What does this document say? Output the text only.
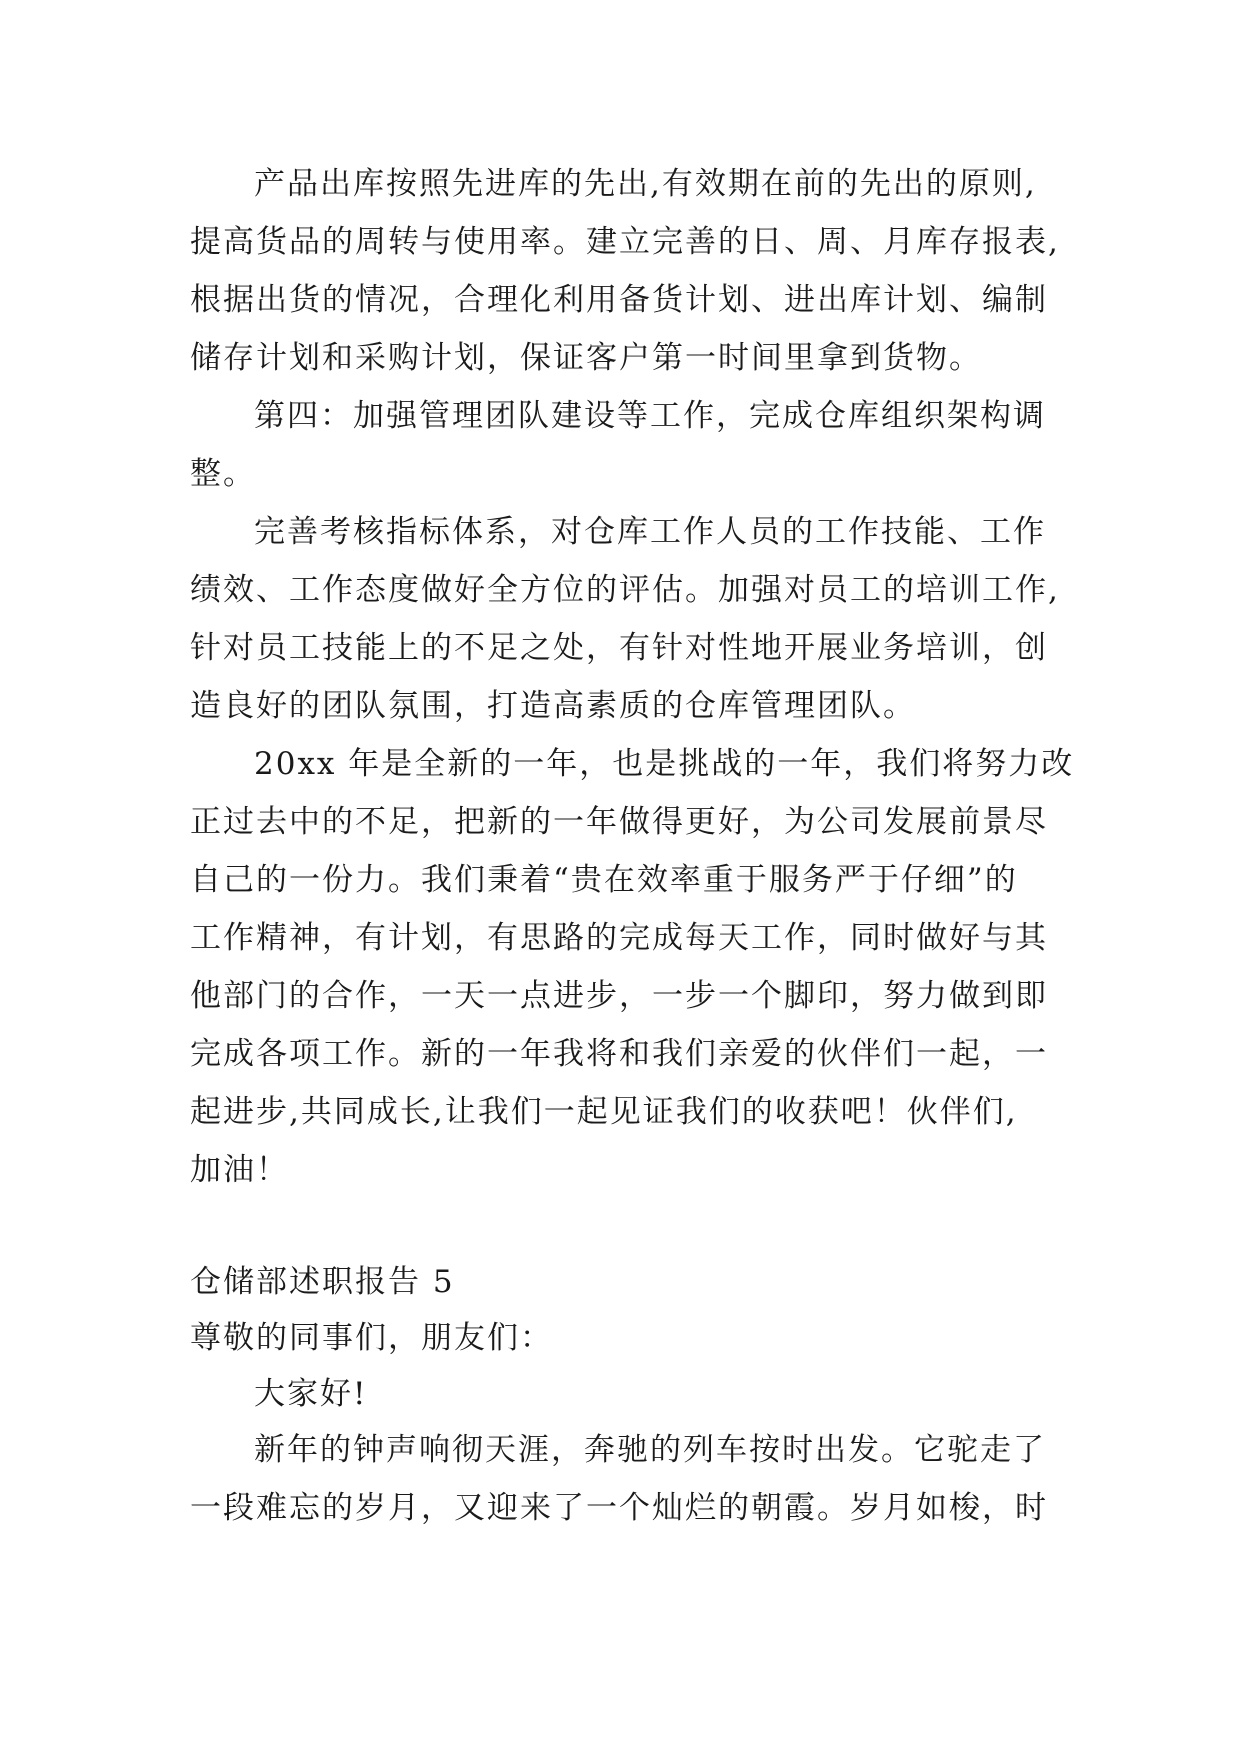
产品出库按照先进库的先出,有效期在前的先出的原则,
提高货品的周转与使用率。建立完善的日、周、月库存报表,
根据出货的情况，合理化利用备货计划、进出库计划、编制
储存计划和采购计划，保证客户第一时间里拿到货物。
第四：加强管理团队建设等工作，完成仓库组织架构调
整。
完善考核指标体系，对仓库工作人员的工作技能、工作
绩效、工作态度做好全方位的评估。加强对员工的培训工作,
针对员工技能上的不足之处，有针对性地开展业务培训，创
造良好的团队氛围，打造高素质的仓库管理团队。
20xx 年是全新的一年，也是挑战的一年，我们将努力改
正过去中的不足，把新的一年做得更好，为公司发展前景尽
自己的一份力。我们秉着“贵在效率重于服务严于仔细”的
工作精神，有计划，有思路的完成每天工作，同时做好与其
他部门的合作，一天一点进步，一步一个脚印，努力做到即
完成各项工作。新的一年我将和我们亲爱的伙伴们一起，一
起进步,共同成长,让我们一起见证我们的收获吧！伙伴们,
加油！
仓储部述职报告 5
尊敬的同事们，朋友们：
大家好!
新年的钟声响彻天涯，奔驰的列车按时出发。它驼走了
一段难忘的岁月，又迎来了一个灿烂的朝霞。岁月如梭，时
